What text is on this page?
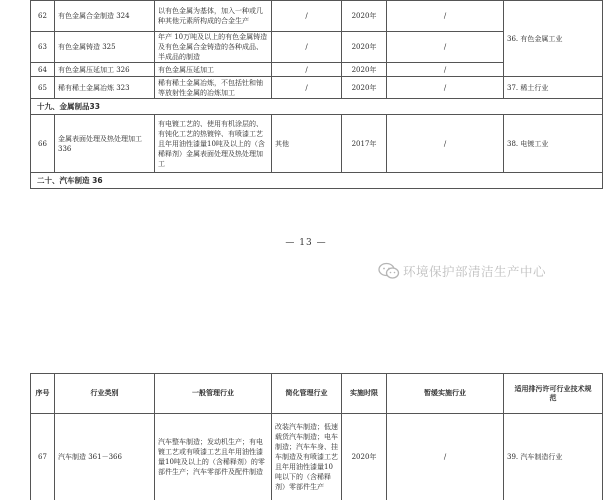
62	有色金属合金制造 324	以有色金属为基体，加入一种或几种其他元素所构成的合金生产	/	2020年	/	36. 有色金属工业
63	有色金属铸造 325	年产 10万吨及以上的有色金属铸造及有色金属合金铸造的各种成品、半成品的制造	/	2020年	/	
64	有色金属压延加工 326	有色金属压延加工	/	2020年	/	
65	稀有稀土金属冶炼 323	稀有稀土金属冶炼，不包括钍和铀等放射性金属的冶炼加工	/	2020年	/	37. 稀土行业
十九、金属制品33						
66	金属表面处理及热处理加工 336	有电镀工艺的、使用有机涂层的、有钝化工艺的热镀锌、有喷漆工艺且年用油性漆量10吨及以上的（含稀释剂）金属表面处理及热处理加工	其他	2017年	/	38. 电镀工业
二十、汽车制造 36						
— 13 —
环境保护部清洁生产中心
序号	行业类别	一般管理行业	简化管理行业	实施时限	暂缓实施行业	适用排污许可行业技术规范
67	汽车制造 361－366	汽车整车制造；发动机生产；有电镀工艺或有喷漆工艺且年用油性漆量10吨及以上的（含稀释剂）的零部件生产；汽车零部件及配件制造	改装汽车制造；低速载货汽车制造；电车制造；汽车车身、挂车制造及有喷漆工艺且年用油性漆量10吨以下的（含稀释剂）零部件生产	2020年	/	39. 汽车制造行业
